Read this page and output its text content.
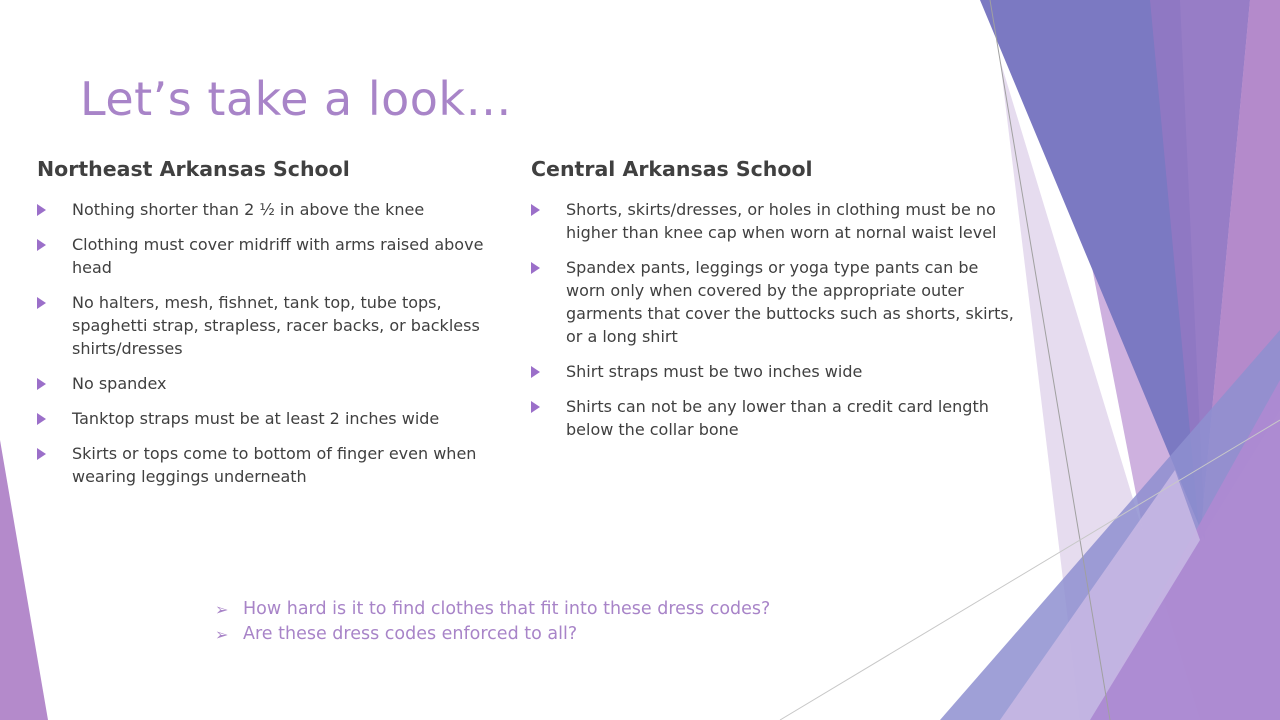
Let’s take a look…
Northeast Arkansas School
Nothing shorter than 2 ½ in above the knee
Clothing must cover midriff with arms raised above head
No halters, mesh, fishnet, tank top, tube tops, spaghetti strap, strapless, racer backs, or backless shirts/dresses
No spandex
Tanktop straps must be at least 2 inches wide
Skirts or tops come to bottom of finger even when wearing leggings underneath
Central Arkansas School
Shorts, skirts/dresses, or holes in clothing must be no higher than knee cap when worn at nornal waist level
Spandex pants, leggings or yoga type pants can be worn only when covered by the appropriate outer garments that cover the buttocks such as shorts, skirts, or a long shirt
Shirt straps must be two inches wide
Shirts can not be any lower than a credit card length below the collar bone
➢ How hard is it to find clothes that fit into these dress codes?
➢ Are these dress codes enforced to all?
